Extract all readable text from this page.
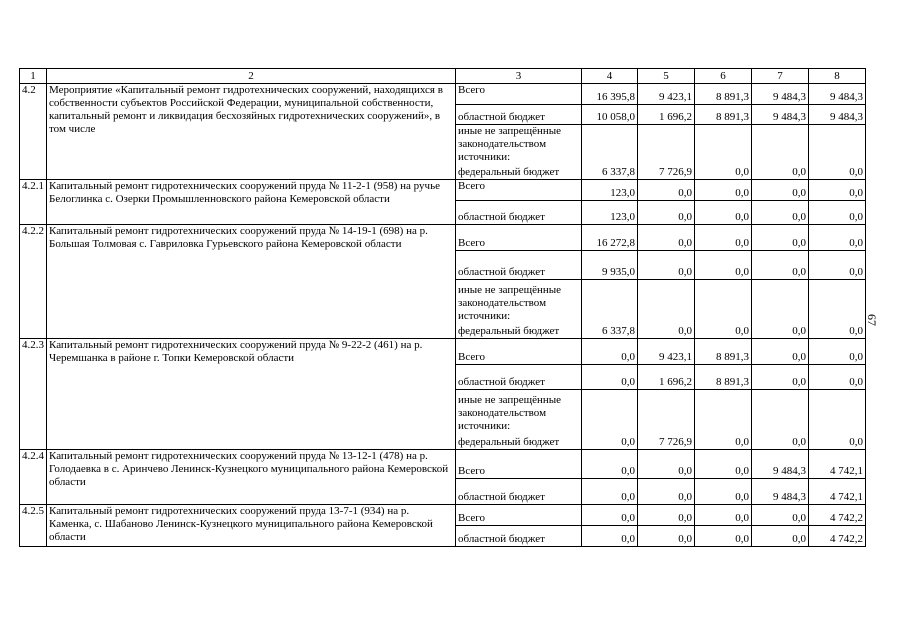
67
1	2	3	4	5	6	7	8
4.2	Мероприятие «Капитальный ремонт гидротехнических сооружений, находящихся в собственности субъектов Российской Федерации, муниципальной собственности, капитальный ремонт и ликвидация бесхозяйных гидротехнических сооружений», в том числе	Всего	16 395,8	9 423,1	8 891,3	9 484,3	9 484,3
		областной бюджет	10 058,0	1 696,2	8 891,3	9 484,3	9 484,3
		иные не запрещённые законодательством источники:					
		федеральный бюджет	6 337,8	7 726,9	0,0	0,0	0,0
4.2.1	Капитальный ремонт гидротехнических сооружений пруда № 11-2-1 (958) на ручье Белоглинка с. Озерки Промышленновского района Кемеровской области	Всего	123,0	0,0	0,0	0,0	0,0
		областной бюджет	123,0	0,0	0,0	0,0	0,0
4.2.2	Капитальный ремонт гидротехнических сооружений пруда № 14-19-1 (698) на р. Большая Толмовая с. Гавриловка Гурьевского района Кемеровской области	Всего	16 272,8	0,0	0,0	0,0	0,0
		областной бюджет	9 935,0	0,0	0,0	0,0	0,0
		иные не запрещённые законодательством источники:					
		федеральный бюджет	6 337,8	0,0	0,0	0,0	0,0
4.2.3	Капитальный ремонт гидротехнических сооружений пруда № 9-22-2 (461) на р. Черемшанка в районе г. Топки Кемеровской области	Всего	0,0	9 423,1	8 891,3	0,0	0,0
		областной бюджет	0,0	1 696,2	8 891,3	0,0	0,0
		иные не запрещённые законодательством источники:					
		федеральный бюджет	0,0	7 726,9	0,0	0,0	0,0
4.2.4	Капитальный ремонт гидротехнических сооружений пруда № 13-12-1 (478) на р. Голодаевка в с. Аринчево Ленинск-Кузнецкого муниципального района Кемеровской области	Всего	0,0	0,0	0,0	9 484,3	4 742,1
		областной бюджет	0,0	0,0	0,0	9 484,3	4 742,1
4.2.5	Капитальный ремонт гидротехнических сооружений пруда 13-7-1 (934) на р. Каменка, с. Шабаново Ленинск-Кузнецкого муниципального района Кемеровской области	Всего	0,0	0,0	0,0	0,0	4 742,2
		областной бюджет	0,0	0,0	0,0	0,0	4 742,2
